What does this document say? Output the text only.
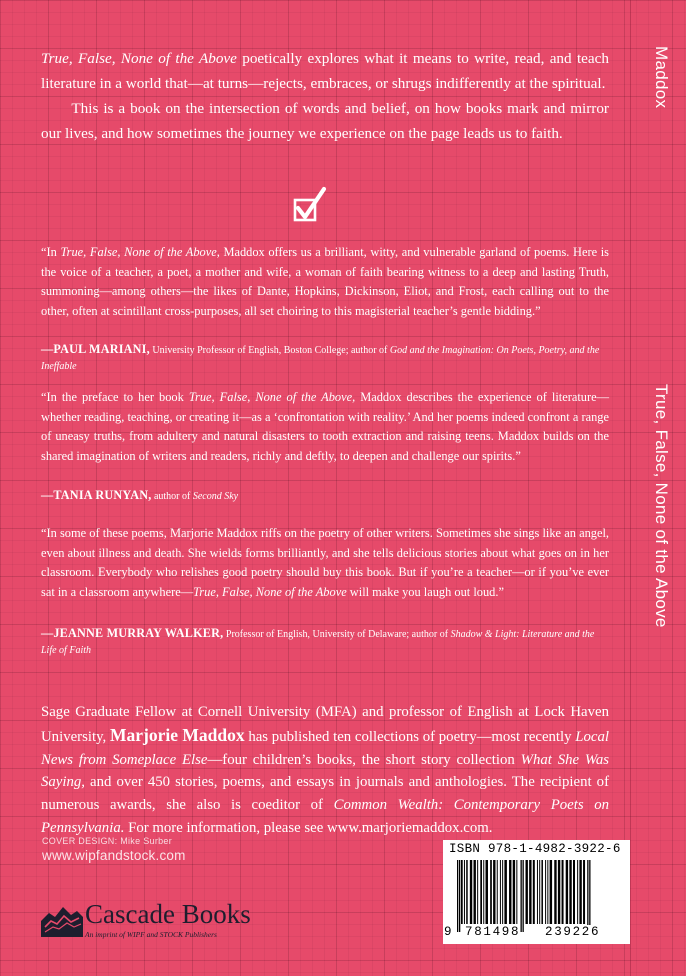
True, False, None of the Above poetically explores what it means to write, read, and teach literature in a world that—at turns—rejects, embraces, or shrugs indifferently at the spiritual.

This is a book on the intersection of words and belief, on how books mark and mirror our lives, and how sometimes the journey we experience on the page leads us to faith.

“In True, False, None of the Above, Maddox offers us a brilliant, witty, and vulnerable garland of poems. Here is the voice of a teacher, a poet, a mother and wife, a woman of faith bearing witness to a deep and lasting Truth, summoning—among others—the likes of Dante, Hopkins, Dickinson, Eliot, and Frost, each calling out to the other, often at scintillant cross-purposes, all set choiring to this magisterial teacher’s gentle bidding.”
—PAUL MARIANI, University Professor of English, Boston College; author of God and the Imagination: On Poets, Poetry, and the Ineffable
“In the preface to her book True, False, None of the Above, Maddox describes the experience of literature—whether reading, teaching, or creating it—as a ‘confrontation with reality.’ And her poems indeed confront a range of uneasy truths, from adultery and natural disasters to tooth extraction and raising teens. Maddox builds on the shared imagination of writers and readers, richly and deftly, to deepen and challenge our spirits.”
—TANIA RUNYAN, author of Second Sky
“In some of these poems, Marjorie Maddox riffs on the poetry of other writers. Sometimes she sings like an angel, even about illness and death. She wields forms brilliantly, and she tells delicious stories about what goes on in her classroom. Everybody who relishes good poetry should buy this book. But if you’re a teacher—or if you’ve ever sat in a classroom anywhere—True, False, None of the Above will make you laugh out loud.”
—JEANNE MURRAY WALKER, Professor of English, University of Delaware; author of Shadow & Light: Literature and the Life of Faith
Sage Graduate Fellow at Cornell University (MFA) and professor of English at Lock Haven University, Marjorie Maddox has published ten collections of poetry—most recently Local News from Someplace Else—four children’s books, the short story collection What She Was Saying, and over 450 stories, poems, and essays in journals and anthologies. The recipient of numerous awards, she also is coeditor of Common Wealth: Contemporary Poets on Pennsylvania. For more information, please see www.marjoriemaddox.com.
COVER DESIGN: Mike Surber
www.wipfandstock.com
Cascade Books
An imprint of WIPF and STOCK Publishers
ISBN 978-1-4982-3922-6
9 781498 239226
Maddox
True, False, None of the Above
